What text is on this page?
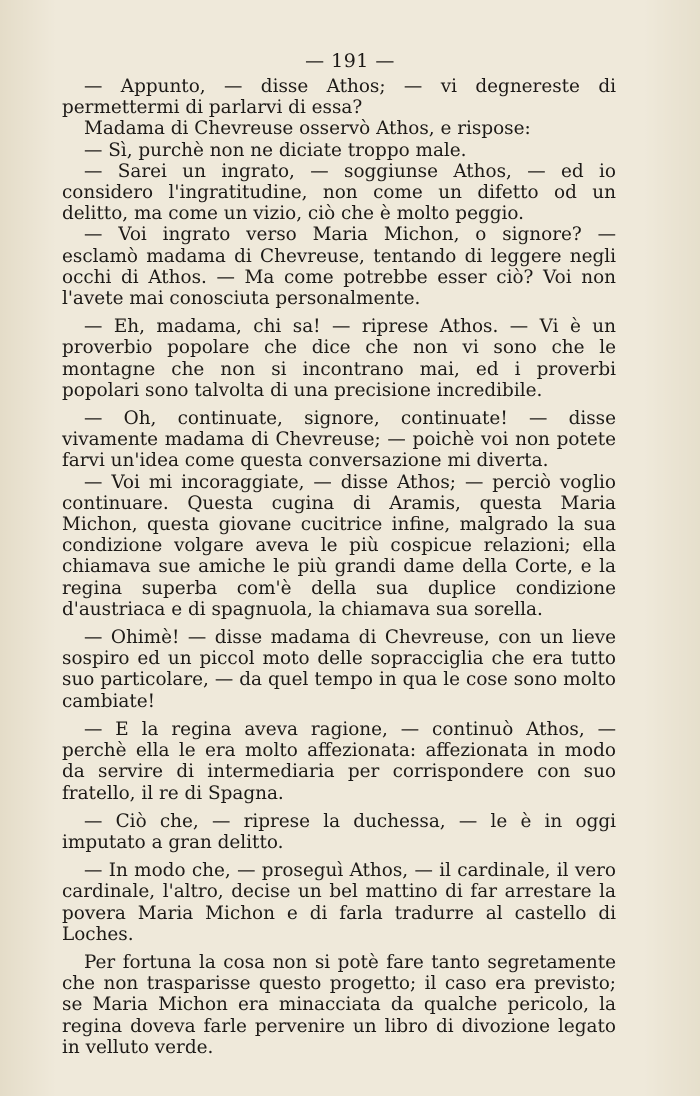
— 191 —

— Appunto, — disse Athos; — vi degnereste di permettermi di parlarvi di essa?

Madama di Chevreuse osservò Athos, e rispose:

— Sì, purchè non ne diciate troppo male.

— Sarei un ingrato, — soggiunse Athos, — ed io considero l'ingratitudine, non come un difetto od un delitto, ma come un vizio, ciò che è molto peggio.

— Voi ingrato verso Maria Michon, o signore? — esclamò madama di Chevreuse, tentando di leggere negli occhi di Athos. — Ma come potrebbe esser ciò? Voi non l'avete mai conosciuta personalmente.

— Eh, madama, chi sa! — riprese Athos. — Vi è un proverbio popolare che dice che non vi sono che le montagne che non si incontrano mai, ed i proverbi popolari sono talvolta di una precisione incredibile.

— Oh, continuate, signore, continuate! — disse vivamente madama di Chevreuse; — poichè voi non potete farvi un'idea come questa conversazione mi diverta.

— Voi mi incoraggiate, — disse Athos; — perciò voglio continuare. Questa cugina di Aramis, questa Maria Michon, questa giovane cucitrice infine, malgrado la sua condizione volgare aveva le più cospicue relazioni; ella chiamava sue amiche le più grandi dame della Corte, e la regina superba com'è della sua duplice condizione d'austriaca e di spagnuola, la chiamava sua sorella.

— Ohimè! — disse madama di Chevreuse, con un lieve sospiro ed un piccol moto delle sopracciglia che era tutto suo particolare, — da quel tempo in qua le cose sono molto cambiate!

— E la regina aveva ragione, — continuò Athos, — perchè ella le era molto affezionata: affezionata in modo da servire di intermediaria per corrispondere con suo fratello, il re di Spagna.

— Ciò che, — riprese la duchessa, — le è in oggi imputato a gran delitto.

— In modo che, — proseguì Athos, — il cardinale, il vero cardinale, l'altro, decise un bel mattino di far arrestare la povera Maria Michon e di farla tradurre al castello di Loches.

Per fortuna la cosa non si potè fare tanto segretamente che non trasparisse questo progetto; il caso era previsto; se Maria Michon era minacciata da qualche pericolo, la regina doveva farle pervenire un libro di divozione legato in velluto verde.
